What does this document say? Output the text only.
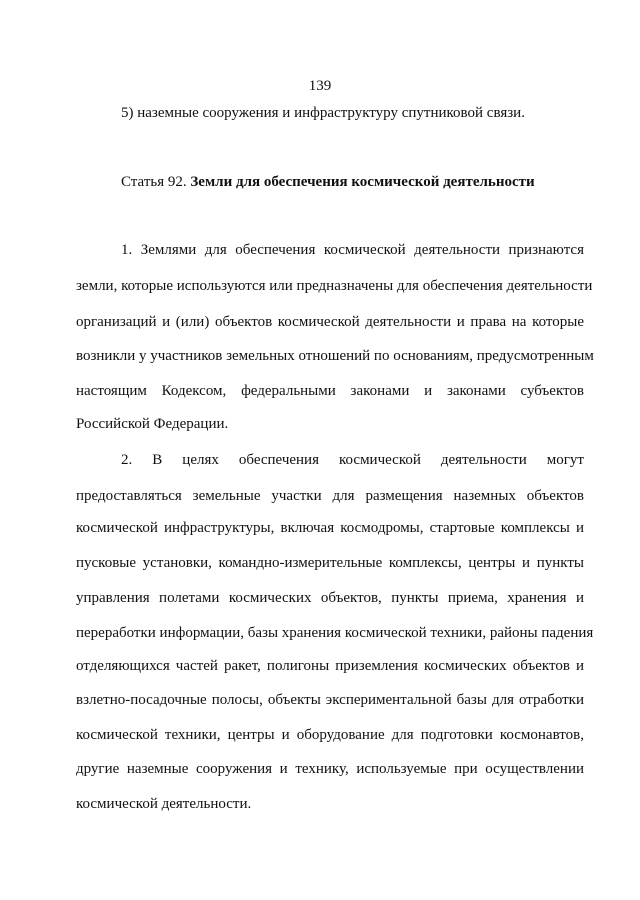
139
5) наземные сооружения и инфраструктуру спутниковой связи.
Статья 92. Земли для обеспечения космической деятельности
1. Землями для обеспечения космической деятельности признаются
земли, которые используются или предназначены для обеспечения деятельности
организаций и (или) объектов космической деятельности и права на которые
возникли у участников земельных отношений по основаниям, предусмотренным
настоящим Кодексом, федеральными законами и законами субъектов
Российской Федерации.
2. В целях обеспечения космической деятельности могут
предоставляться земельные участки для размещения наземных объектов
космической инфраструктуры, включая космодромы, стартовые комплексы и
пусковые установки, командно-измерительные комплексы, центры и пункты
управления полетами космических объектов, пункты приема, хранения и
переработки информации, базы хранения космической техники, районы падения
отделяющихся частей ракет, полигоны приземления космических объектов и
взлетно-посадочные полосы, объекты экспериментальной базы для отработки
космической техники, центры и оборудование для подготовки космонавтов,
другие наземные сооружения и технику, используемые при осуществлении
космической деятельности.
